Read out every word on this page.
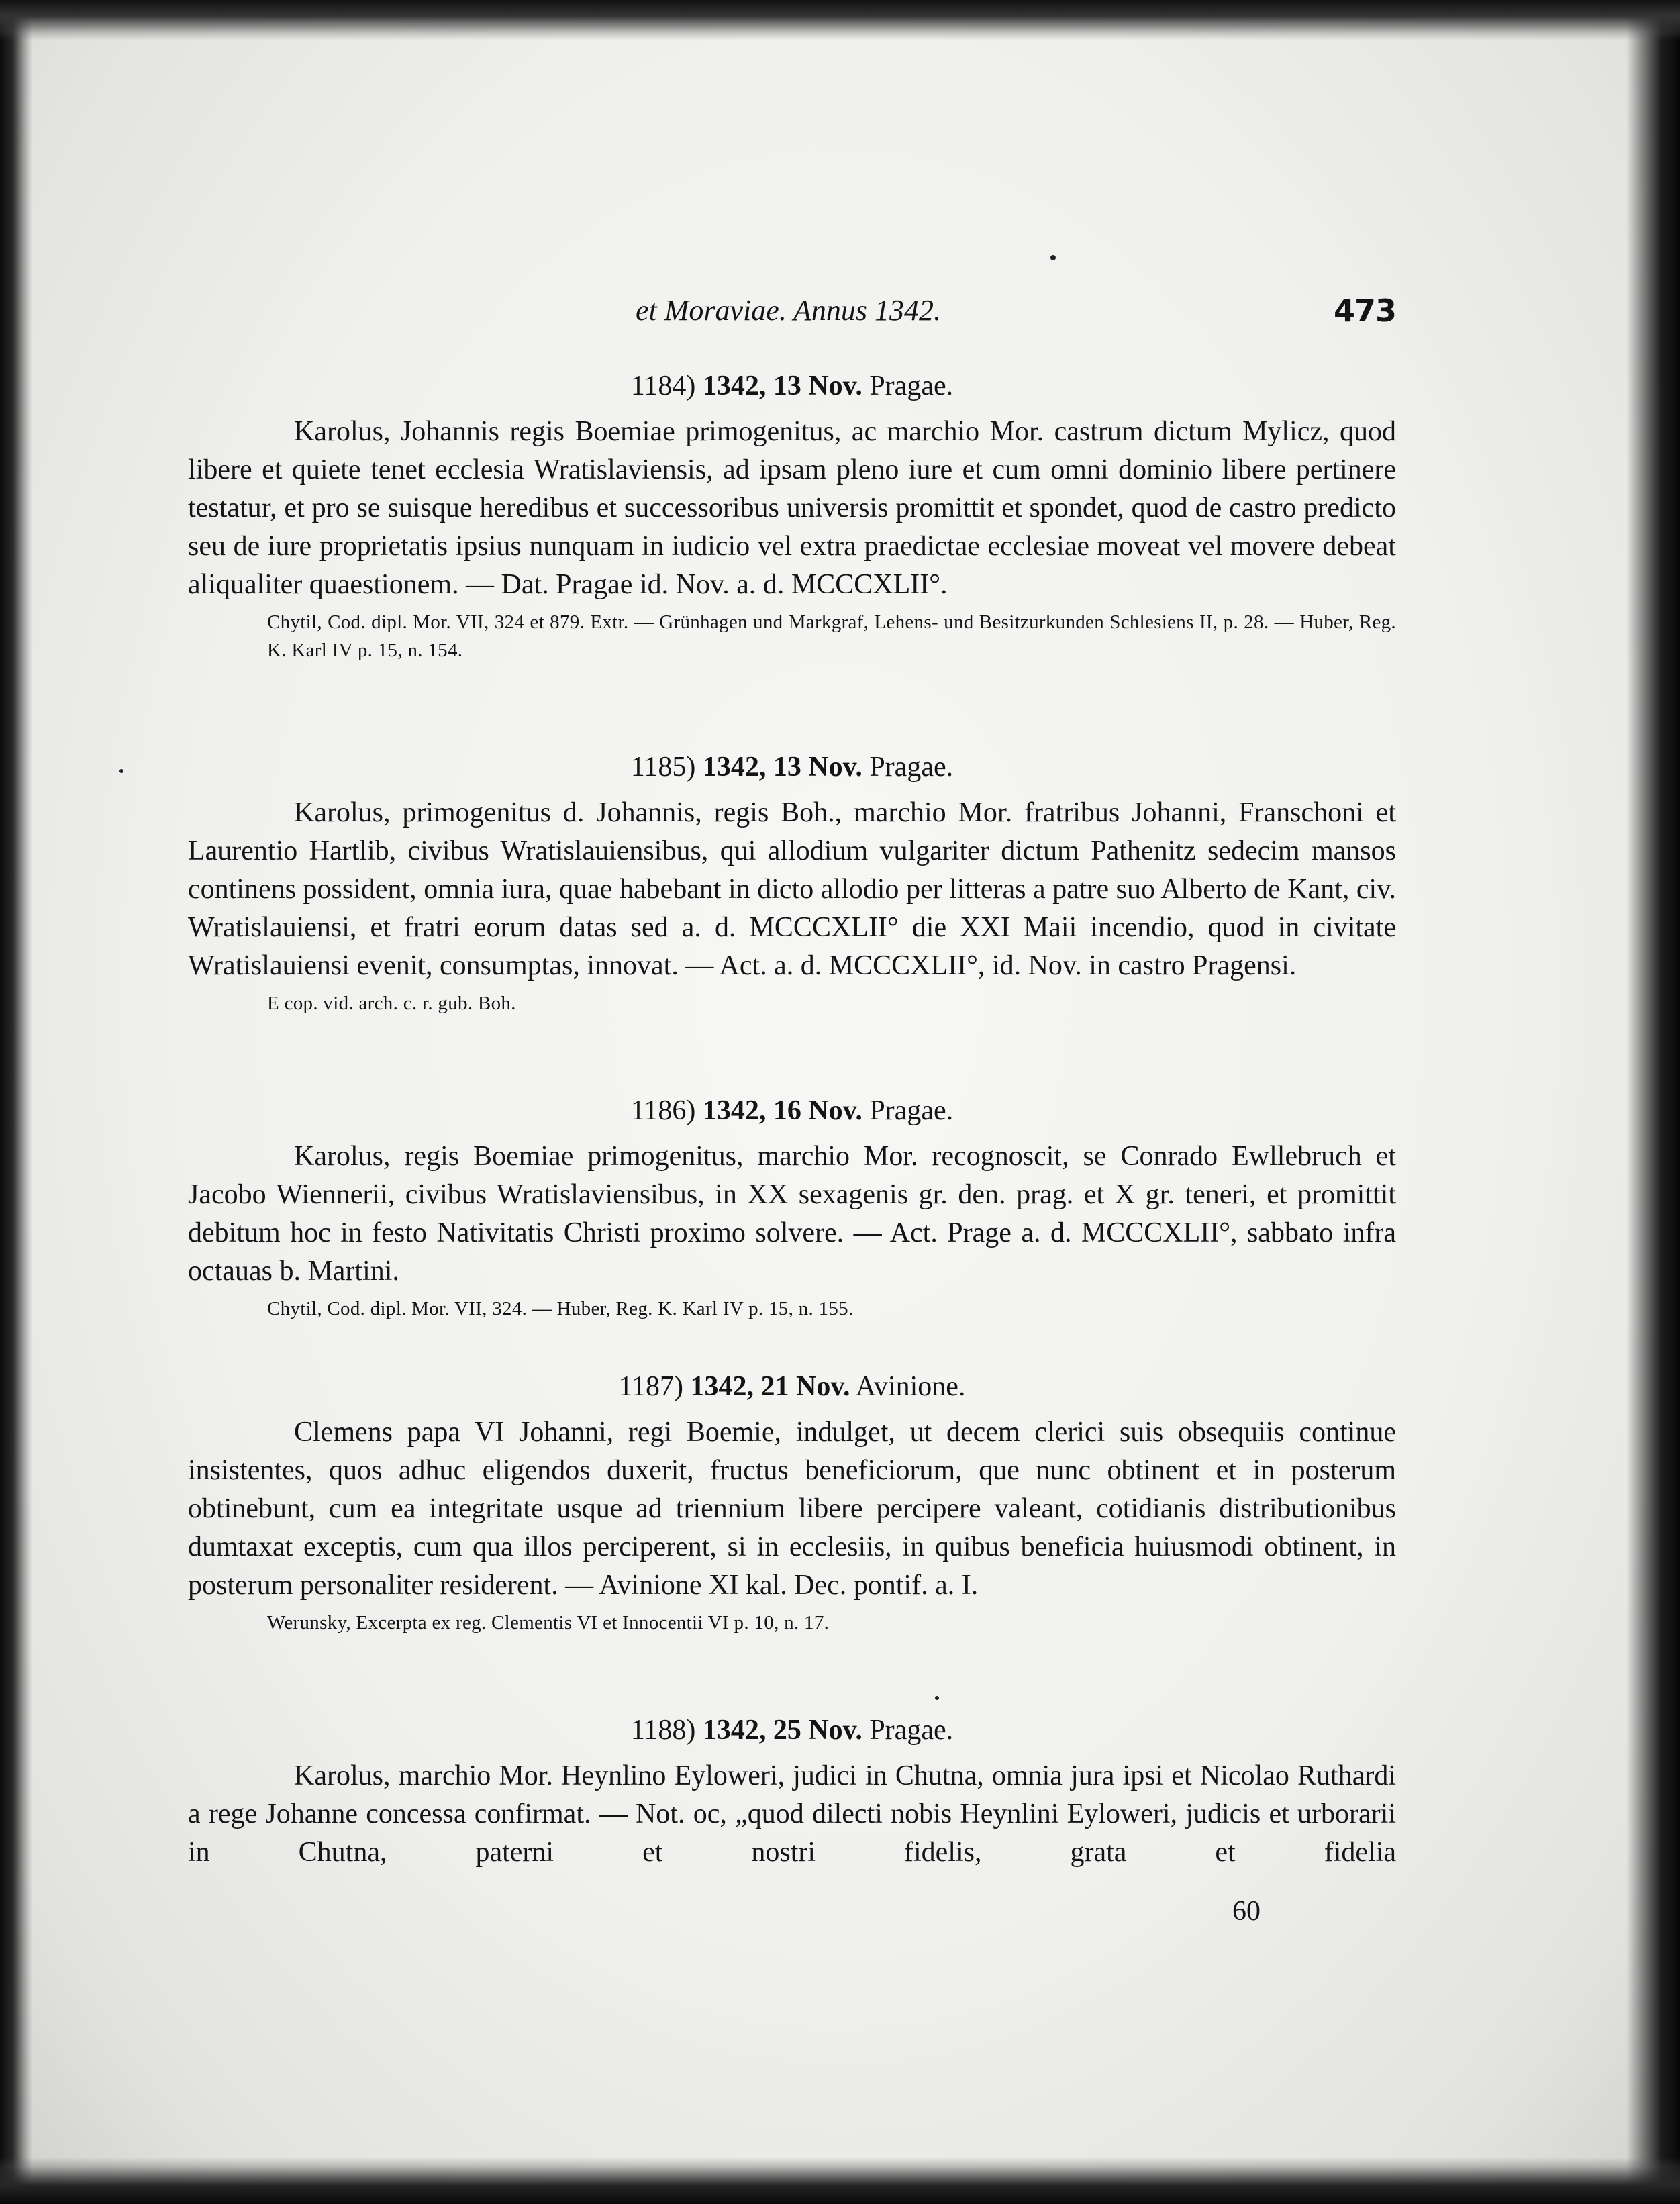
et Moraviae. Annus 1342.	473

1184) 1342, 13 Nov. Pragae.

Karolus, Johannis regis Boemiae primogenitus, ac marchio Mor. castrum dictum Mylicz, quod libere et quiete tenet ecclesia Wratislaviensis, ad ipsam pleno iure et cum omni dominio libere pertinere testatur, et pro se suisque heredibus et successoribus universis promittit et spondet, quod de castro predicto seu de iure proprietatis ipsius nunquam in iudicio vel extra praedictae ecclesiae moveat vel movere debeat aliqualiter quaestionem. — Dat. Pragae id. Nov. a. d. MCCCXLII°.

Chytil, Cod. dipl. Mor. VII, 324 et 879. Extr. — Grünhagen und Markgraf, Lehens- und Besitzurkunden Schlesiens II, p. 28. — Huber, Reg. K. Karl IV p. 15, n. 154.

1185) 1342, 13 Nov. Pragae.

Karolus, primogenitus d. Johannis, regis Boh., marchio Mor. fratribus Johanni, Franschoni et Laurentio Hartlib, civibus Wratislauiensibus, qui allodium vulgariter dictum Pathenitz sedecim mansos continens possident, omnia iura, quae habebant in dicto allodio per litteras a patre suo Alberto de Kant, civ. Wratislauiensi, et fratri eorum datas sed a. d. MCCCXLII° die XXI Maii incendio, quod in civitate Wratislauiensi evenit, consumptas, innovat. — Act. a. d. MCCCXLII°, id. Nov. in castro Pragensi.

E cop. vid. arch. c. r. gub. Boh.

1186) 1342, 16 Nov. Pragae.

Karolus, regis Boemiae primogenitus, marchio Mor. recognoscit, se Conrado Ewllebruch et Jacobo Wiennerii, civibus Wratislaviensibus, in XX sexagenis gr. den. prag. et X gr. teneri, et promittit debitum hoc in festo Nativitatis Christi proximo solvere. — Act. Prage a. d. MCCCXLII°, sabbato infra octauas b. Martini.

Chytil, Cod. dipl. Mor. VII, 324. — Huber, Reg. K. Karl IV p. 15, n. 155.

1187) 1342, 21 Nov. Avinione.

Clemens papa VI Johanni, regi Boemie, indulget, ut decem clerici suis obsequiis continue insistentes, quos adhuc eligendos duxerit, fructus beneficiorum, que nunc obtinent et in posterum obtinebunt, cum ea integritate usque ad triennium libere percipere valeant, cotidianis distributionibus dumtaxat exceptis, cum qua illos perciperent, si in ecclesiis, in quibus beneficia huiusmodi obtinent, in posterum personaliter residerent. — Avinione XI kal. Dec. pontif. a. I.

Werunsky, Excerpta ex reg. Clementis VI et Innocentii VI p. 10, n. 17.

1188) 1342, 25 Nov. Pragae.

Karolus, marchio Mor. Heynlino Eyloweri, judici in Chutna, omnia jura ipsi et Nicolao Ruthardi a rege Johanne concessa confirmat. — Not. oc, „quod dilecti nobis Heynlini Eyloweri, judicis et urborarii in Chutna, paterni et nostri fidelis, grata et fidelia

60
